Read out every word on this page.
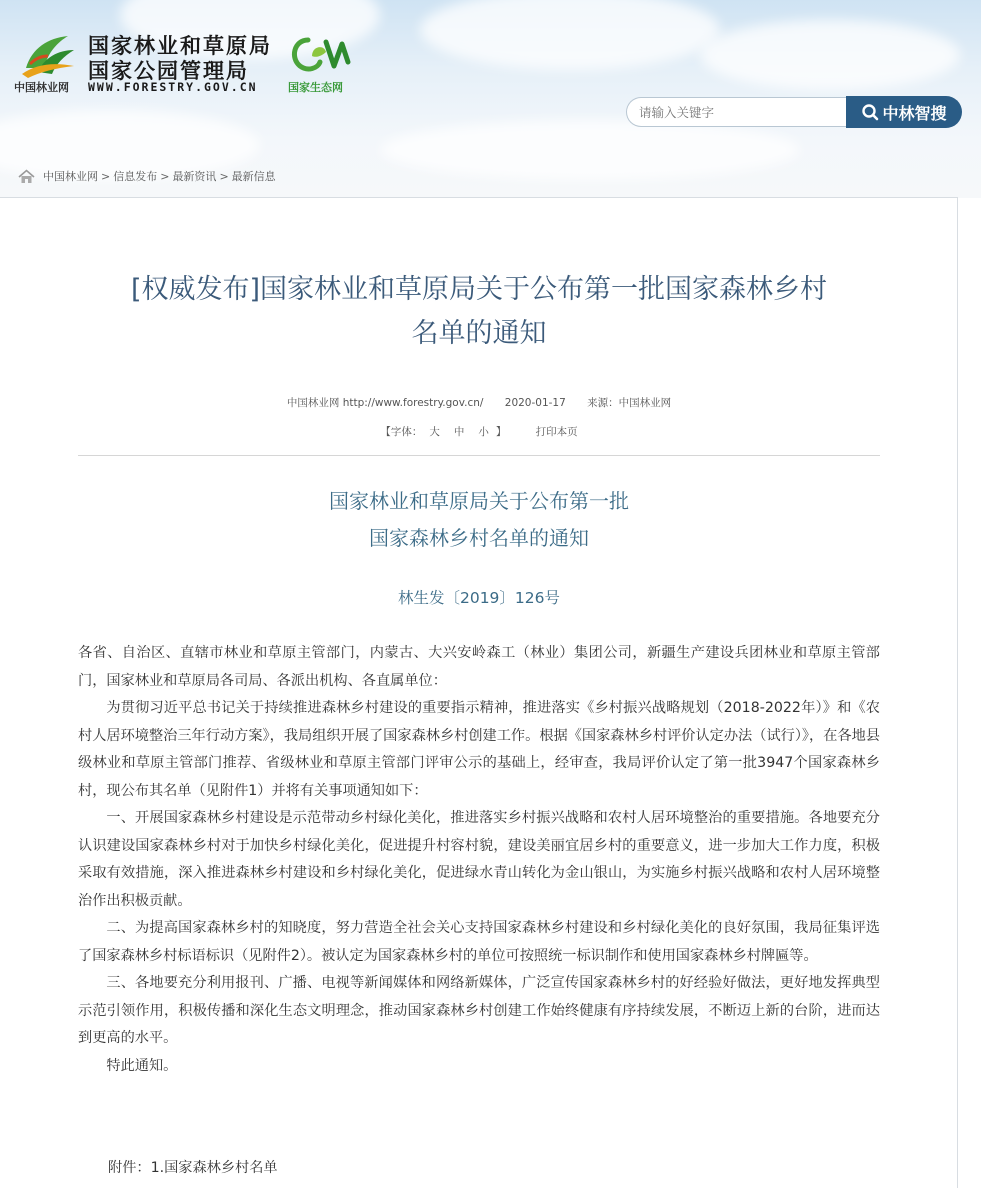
中国林业网
国家林业和草原局
国家公园管理局
WWW.FORESTRY.GOV.CN	国家生态网
请输入关键字
中林智搜
中国林业网 > 信息发布 > 最新资讯 > 最新信息
[权威发布]国家林业和草原局关于公布第一批国家森林乡村
名单的通知
中国林业网 http://www.forestry.gov.cn/ 2020-01-17 来源：中国林业网
【字体： 大 中 小 】	打印本页
国家林业和草原局关于公布第一批
国家森林乡村名单的通知
林生发〔2019〕126号

各省、自治区、直辖市林业和草原主管部门，内蒙古、大兴安岭森工（林业）集团公司，新疆生产建设兵团林业和草原主管部门，国家林业和草原局各司局、各派出机构、各直属单位：

为贯彻习近平总书记关于持续推进森林乡村建设的重要指示精神，推进落实《乡村振兴战略规划（2018-2022年）》和《农村人居环境整治三年行动方案》，我局组织开展了国家森林乡村创建工作。根据《国家森林乡村评价认定办法（试行）》，在各地县级林业和草原主管部门推荐、省级林业和草原主管部门评审公示的基础上，经审查，我局评价认定了第一批3947个国家森林乡村，现公布其名单（见附件1）并将有关事项通知如下：

一、开展国家森林乡村建设是示范带动乡村绿化美化，推进落实乡村振兴战略和农村人居环境整治的重要措施。各地要充分认识建设国家森林乡村对于加快乡村绿化美化，促进提升村容村貌，建设美丽宜居乡村的重要意义，进一步加大工作力度，积极采取有效措施，深入推进森林乡村建设和乡村绿化美化，促进绿水青山转化为金山银山，为实施乡村振兴战略和农村人居环境整治作出积极贡献。

二、为提高国家森林乡村的知晓度，努力营造全社会关心支持国家森林乡村建设和乡村绿化美化的良好氛围，我局征集评选了国家森林乡村标语标识（见附件2）。被认定为国家森林乡村的单位可按照统一标识制作和使用国家森林乡村牌匾等。

三、各地要充分利用报刊、广播、电视等新闻媒体和网络新媒体，广泛宣传国家森林乡村的好经验好做法，更好地发挥典型示范引领作用，积极传播和深化生态文明理念，推动国家森林乡村创建工作始终健康有序持续发展，不断迈上新的台阶，进而达到更高的水平。

特此通知。

附件：1.国家森林乡村名单
